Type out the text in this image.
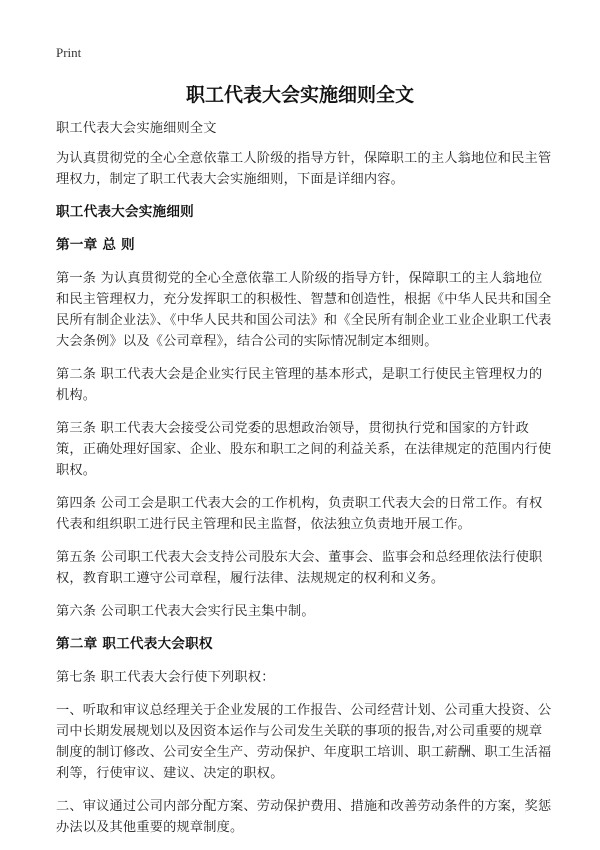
Print
职工代表大会实施细则全文

职工代表大会实施细则全文

为认真贯彻党的全心全意依靠工人阶级的指导方针，保障职工的主人翁地位和民主管理权力，制定了职工代表大会实施细则，下面是详细内容。

职工代表大会实施细则
第一章 总 则

第一条 为认真贯彻党的全心全意依靠工人阶级的指导方针，保障职工的主人翁地位和民主管理权力，充分发挥职工的积极性、智慧和创造性，根据《中华人民共和国全民所有制企业法》、《中华人民共和国公司法》和《全民所有制企业工业企业职工代表大会条例》以及《公司章程》，结合公司的实际情况制定本细则。

第二条 职工代表大会是企业实行民主管理的基本形式，是职工行使民主管理权力的机构。

第三条 职工代表大会接受公司党委的思想政治领导，贯彻执行党和国家的方针政策，正确处理好国家、企业、股东和职工之间的利益关系，在法律规定的范围内行使职权。

第四条 公司工会是职工代表大会的工作机构，负责职工代表大会的日常工作。有权代表和组织职工进行民主管理和民主监督，依法独立负责地开展工作。

第五条 公司职工代表大会支持公司股东大会、董事会、监事会和总经理依法行使职权，教育职工遵守公司章程，履行法律、法规规定的权利和义务。

第六条 公司职工代表大会实行民主集中制。

第二章 职工代表大会职权

第七条 职工代表大会行使下列职权：

一、听取和审议总经理关于企业发展的工作报告、公司经营计划、公司重大投资、公司中长期发展规划以及因资本运作与公司发生关联的事项的报告,对公司重要的规章制度的制订修改、公司安全生产、劳动保护、年度职工培训、职工薪酬、职工生活福利等，行使审议、建议、决定的职权。

二、审议通过公司内部分配方案、劳动保护费用、措施和改善劳动条件的方案，奖惩办法以及其他重要的规章制度。
